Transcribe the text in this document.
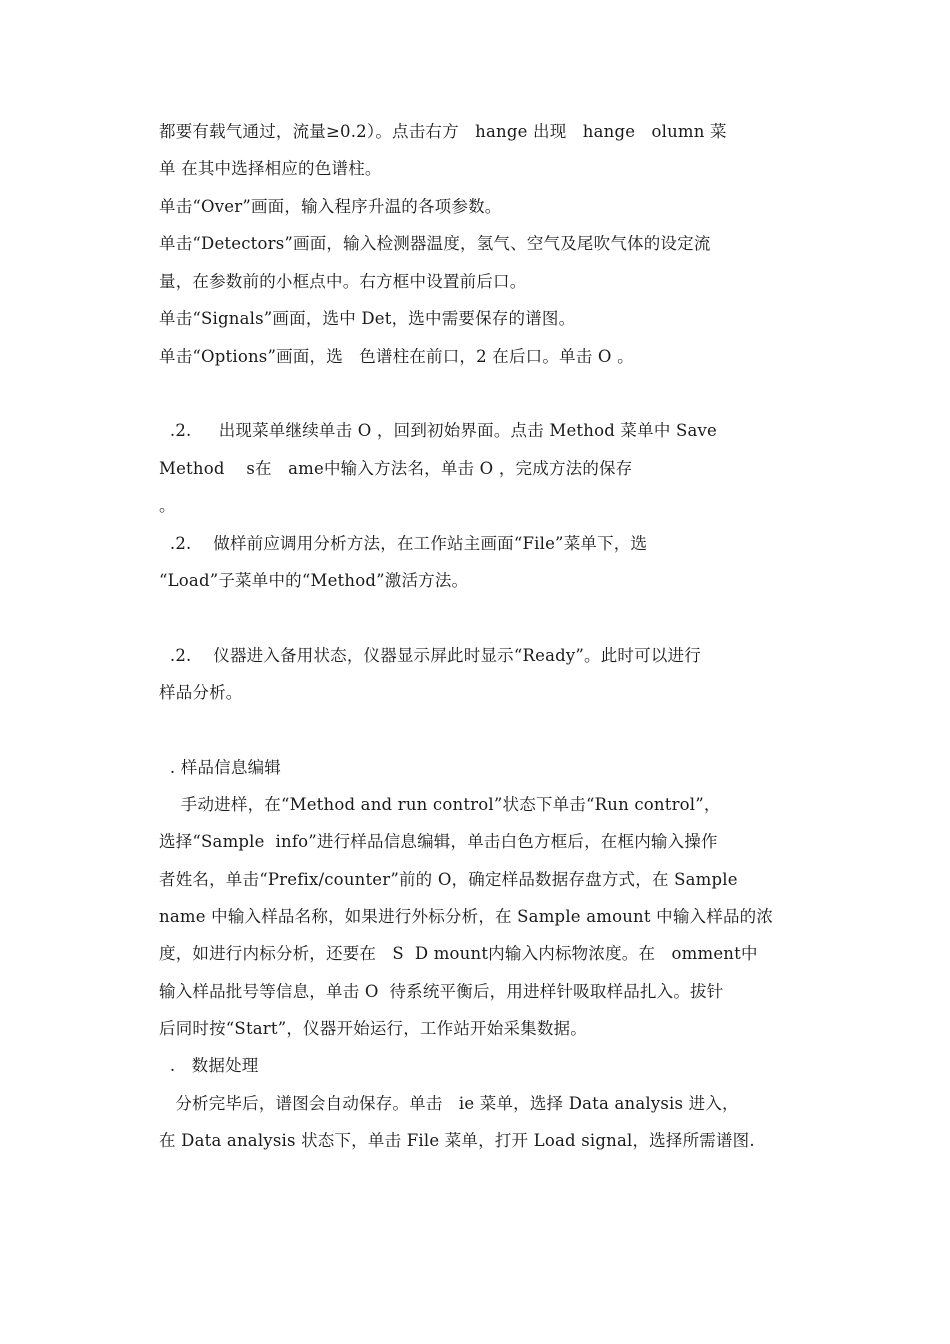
都要有载气通过，流量≥0.2）。点击右方   hange 出现   hange   olumn 菜
单 在其中选择相应的色谱柱。
单击“Over”画面，输入程序升温的各项参数。
单击“Detectors”画面，输入检测器温度，氢气、空气及尾吹气体的设定流
量，在参数前的小框点中。右方框中设置前后口。
单击“Signals”画面，选中 Det，选中需要保存的谱图。
单击“Options”画面，选   色谱柱在前口，2 在后口。单击 O 。
.2.     出现菜单继续单击 O ，回到初始界面。点击 Method 菜单中 Save
Method    s在   ame中输入方法名，单击 O ，完成方法的保存
。
.2.    做样前应调用分析方法，在工作站主画面“File”菜单下，选
“Load”子菜单中的“Method”激活方法。
.2.    仪器进入备用状态，仪器显示屏此时显示“Ready”。此时可以进行
样品分析。
. 样品信息编辑
手动进样，在“Method and run control”状态下单击“Run control”，
选择“Sample  info”进行样品信息编辑，单击白色方框后，在框内输入操作
者姓名，单击“Prefix/counter”前的 O，确定样品数据存盘方式，在 Sample
name 中输入样品名称，如果进行外标分析，在 Sample amount 中输入样品的浓
度，如进行内标分析，还要在   S  D mount内输入内标物浓度。在   omment中
输入样品批号等信息，单击 O  待系统平衡后，用进样针吸取样品扎入。拔针
后同时按“Start”，仪器开始运行，工作站开始采集数据。
.   数据处理
分析完毕后，谱图会自动保存。单击   ie 菜单，选择 Data analysis 进入，
在 Data analysis 状态下，单击 File 菜单，打开 Load signal，选择所需谱图.
